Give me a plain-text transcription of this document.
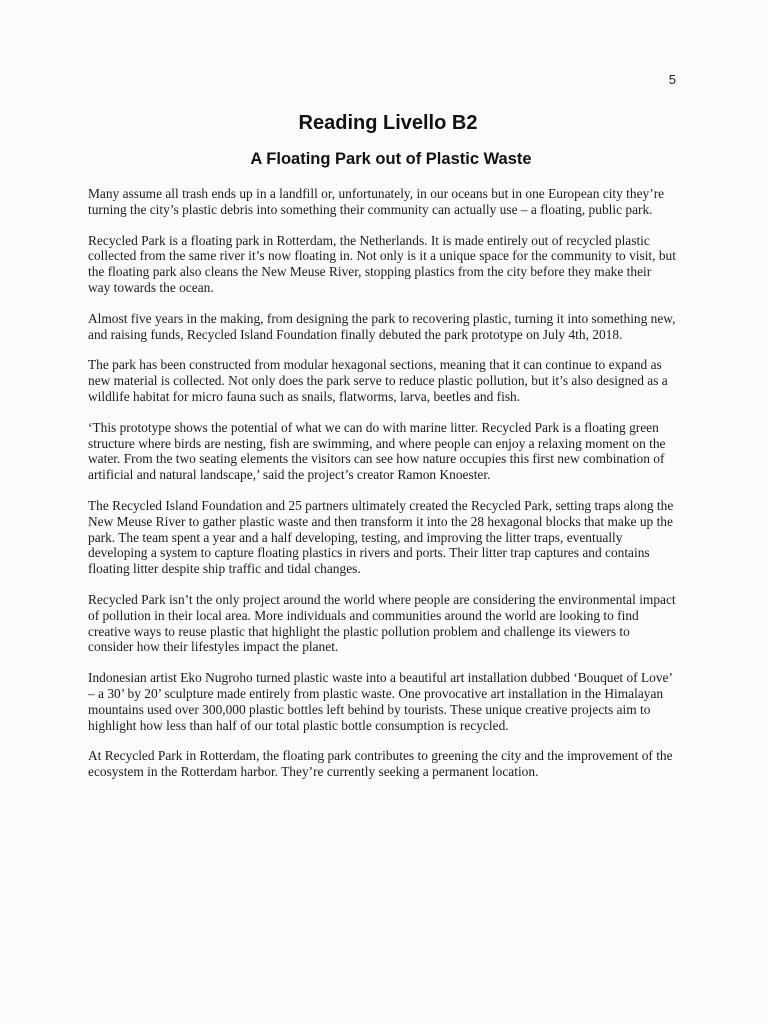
5
Reading Livello B2
A Floating Park out of Plastic Waste

Many assume all trash ends up in a landfill or, unfortunately, in our oceans but in one European city they’re turning the city’s plastic debris into something their community can actually use – a floating, public park.

Recycled Park is a floating park in Rotterdam, the Netherlands. It is made entirely out of recycled plastic collected from the same river it’s now floating in. Not only is it a unique space for the community to visit, but the floating park also cleans the New Meuse River, stopping plastics from the city before they make their way towards the ocean.

Almost five years in the making, from designing the park to recovering plastic, turning it into something new, and raising funds, Recycled Island Foundation finally debuted the park prototype on July 4th, 2018.

The park has been constructed from modular hexagonal sections, meaning that it can continue to expand as new material is collected. Not only does the park serve to reduce plastic pollution, but it’s also designed as a wildlife habitat for micro fauna such as snails, flatworms, larva, beetles and fish.

‘This prototype shows the potential of what we can do with marine litter. Recycled Park is a floating green structure where birds are nesting, fish are swimming, and where people can enjoy a relaxing moment on the water. From the two seating elements the visitors can see how nature occupies this first new combination of artificial and natural landscape,’ said the project’s creator Ramon Knoester.

The Recycled Island Foundation and 25 partners ultimately created the Recycled Park, setting traps along the New Meuse River to gather plastic waste and then transform it into the 28 hexagonal blocks that make up the park. The team spent a year and a half developing, testing, and improving the litter traps, eventually developing a system to capture floating plastics in rivers and ports. Their litter trap captures and contains floating litter despite ship traffic and tidal changes.

Recycled Park isn’t the only project around the world where people are considering the environmental impact of pollution in their local area. More individuals and communities around the world are looking to find creative ways to reuse plastic that highlight the plastic pollution problem and challenge its viewers to consider how their lifestyles impact the planet.

Indonesian artist Eko Nugroho turned plastic waste into a beautiful art installation dubbed ‘Bouquet of Love’ – a 30’ by 20’ sculpture made entirely from plastic waste. One provocative art installation in the Himalayan mountains used over 300,000 plastic bottles left behind by tourists. These unique creative projects aim to highlight how less than half of our total plastic bottle consumption is recycled.

At Recycled Park in Rotterdam, the floating park contributes to greening the city and the improvement of the ecosystem in the Rotterdam harbor. They’re currently seeking a permanent location.
